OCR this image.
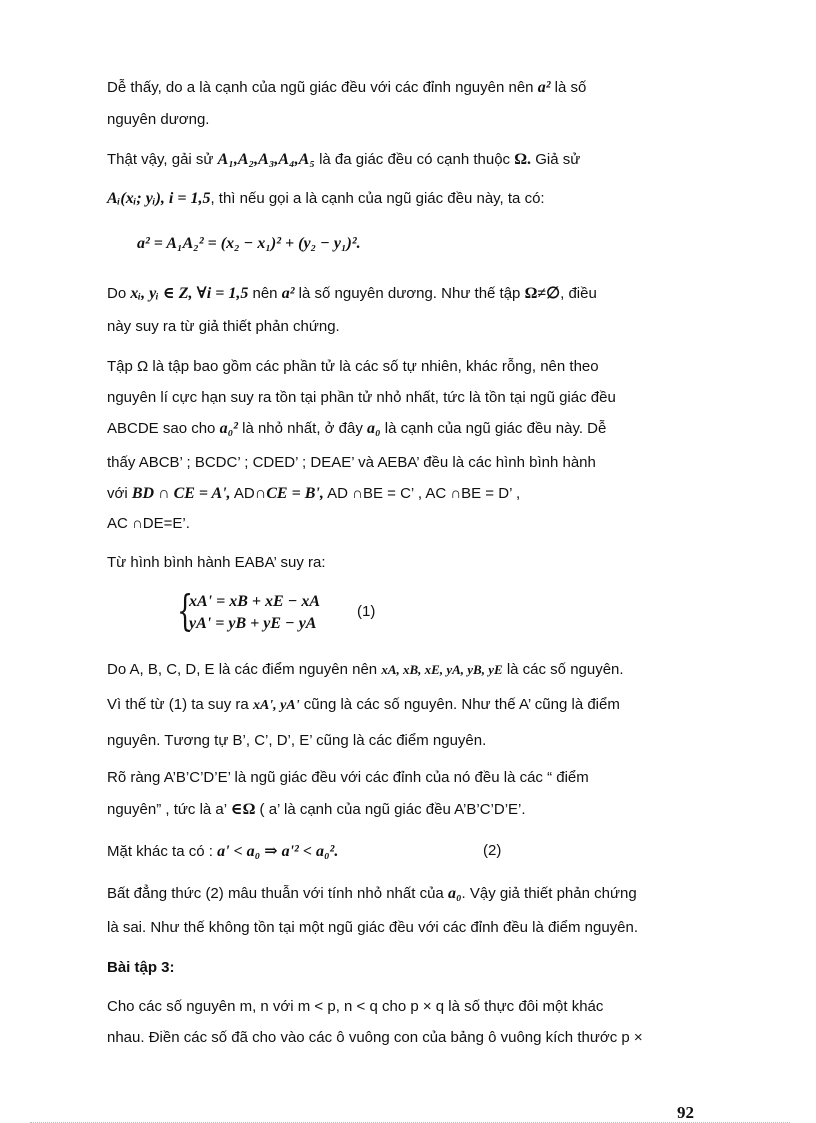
Dễ thấy, do a là cạnh của ngũ giác đều với các đỉnh nguyên nên a² là số
nguyên dương.
Thật vậy, gải sử A₁,A₂,A₃,A₄,A₅ là đa giác đều có cạnh thuộc Ω. Giả sử
Aᵢ(xᵢ; yᵢ), i = 1,5, thì nếu gọi a là cạnh của ngũ giác đều này, ta có:
a² = A₁A₂² = (x₂ − x₁)² + (y₂ − y₁)².
Do xᵢ, yᵢ ∈ Z, ∀i = 1,5 nên a² là số nguyên dương. Như thế tập Ω≠∅, điều
này suy ra từ giả thiết phản chứng.
Tập Ω là tập bao gồm các phần tử là các số tự nhiên, khác rỗng, nên theo
nguyên lí cực hạn suy ra tồn tại phần tử nhỏ nhất, tức là tồn tại ngũ giác đều
ABCDE sao cho a₀² là nhỏ nhất, ở đây a₀ là cạnh của ngũ giác đều này. Dễ
thấy ABCB’ ; BCDC’ ; CDED’ ; DEAE’ và AEBA’ đều là các hình bình hành
với BD ∩ CE = A', AD∩CE = B', AD ∩BE = C’ , AC ∩BE = D’ ,
AC ∩DE=E’.
Từ hình bình hành EABA’ suy ra:
{
xA' = xB + xE − xA
yA' = yB + yE − yA
(1)
Do A, B, C, D, E là các điểm nguyên nên xA, xB, xE, yA, yB, yE là các số nguyên.
Vì thế từ (1) ta suy ra xA', yA' cũng là các số nguyên. Như thế A’ cũng là điểm
nguyên. Tương tự B’, C’, D’, E’ cũng là các điểm nguyên.
Rõ ràng A’B’C’D’E’ là ngũ giác đều với các đỉnh của nó đều là các “ điểm
nguyên” , tức là a’ ∈Ω ( a’ là cạnh của ngũ giác đều A’B’C’D’E’.
Mặt khác ta có : a' < a₀ ⇒ a'² < a₀².	(2)
Bất đẳng thức (2) mâu thuẫn với tính nhỏ nhất của a₀. Vậy giả thiết phản chứng
là sai. Như thế không tồn tại một ngũ giác đều với các đỉnh đều là điểm nguyên.
Bài tập 3:
Cho các số nguyên m, n với m < p, n < q cho p × q là số thực đôi một khác
nhau. Điền các số đã cho vào các ô vuông con của bảng ô vuông kích thước p ×
92
